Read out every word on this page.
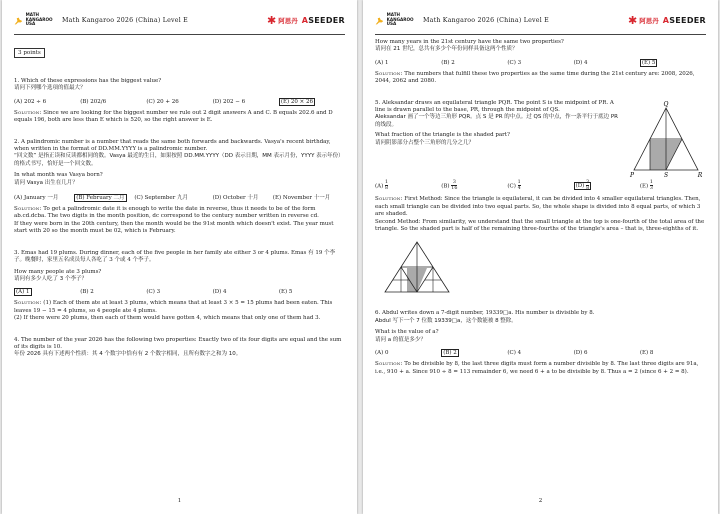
MATH KANGAROO USA
Math Kangaroo 2026 (China) Level E	✱ 阿思丹 ASEEDER
3 points

1. Which of these expressions has the biggest value?

请问下列哪个选项的值最大？

(A) 202 ÷ 6	(B) 202/6	(C) 20 + 26	(D) 202 − 6	(E) 20 × 26

Solution: Since we are looking for the biggest number we rule out 2 digit answers A and C. B equals 202.6 and D equals 196, both are less than E which is 520, so the right answer is E.

2. A palindromic number is a number that reads the same both forwards and backwards. Vasya's recent birthday, when written in the format of DD.MM.YYYY is a palindromic number.

“回文数” 是指正读和反读都相同的数。Vasya 最近的生日，如果按照 DD.MM.YYYY（DD 表示日期，MM 表示月份，YYYY 表示年份）的格式书写，恰好是一个回文数。

In what month was Vasya born?

请问 Vasya 出生在几月？

(A) January 一月	(B) February 二月	(C) September 九月	(D) October 十月	(E) November 十一月

Solution: To get a palindromic date it is enough to write the date in reverse, thus it needs to be of the form ab.cd.dcba. The two digits in the month position, dc correspond to the century number written in reverse cd.

If they were born in the 20th century, then the month would be the 91st month which doesn't exist. The year must start with 20 so the month must be 02, which is February.

3. Emas had 19 plums. During dinner, each of the five people in her family ate either 3 or 4 plums. Emas 有 19 个李子。晚餐时，家里五名成员每人各吃了 3 个或 4 个李子。

How many people ate 3 plums?

请问有多少人吃了 3 个李子？

(A) 1	(B) 2	(C) 3	(D) 4	(E) 5

Solution: (1) Each of them ate at least 3 plums, which means that at least 3 × 5 = 15 plums had been eaten. This leaves 19 − 15 = 4 plums, so 4 people ate 4 plums.

(2) If there were 20 plums, then each of them would have gotten 4, which means that only one of them had 3.

4. The number of the year 2026 has the following two properties: Exactly two of its four digits are equal and the sum of its digits is 10.

年份 2026 具有下述两个性质：其 4 个数字中恰有有 2 个数字相同，且所有数字之和为 10。

1
MATH KANGAROO USA
Math Kangaroo 2026 (China) Level E	✱ 阿思丹 ASEEDER

How many years in the 21st century have the same two properties?

请问在 21 世纪，总共有多少个年份同样具备这两个性质？

(A) 1	(B) 2	(C) 3	(D) 4	(E) 5

Solution: The numbers that fulfill these two properties as the same time during the 21st century are: 2008, 2026, 2044, 2062 and 2080.

5. Aleksandar draws an equilateral triangle PQR. The point S is the midpoint of PR. A line is drawn parallel to the base, PR, through the midpoint of QS.

Aleksandar 画了一个等边三角形 PQR。点 S 是 PR 的中点。过 QS 的中点，作一条平行于底边 PR 的线段。

What fraction of the triangle is the shaded part?

请问阴影部分占整个三角形的几分之几？

Q
P	S	R
$(A) \frac{1}{8}$	$(B) \frac{3}{16}$	$(C) \frac{1}{4}$	$(D) \frac{3}{8}$	$(E) \frac{1}{3}$

Solution: First Method: Since the triangle is equilateral, it can be divided into 4 smaller equilateral triangles. Then, each small triangle can be divided into two equal parts. So, the whole shape is divided into 8 equal parts, of which 3 are shaded.

Second Method: From similarity, we understand that the small triangle at the top is one-fourth of the total area of the triangle. So the shaded part is half of the remaining three-fourths of the triangle's area – that is, three-eighths of it.

6. Abdul writes down a 7-digit number, 19339□a. His number is divisible by 8.

Abdul 写下一个 7 位数 19339□a，这个数能被 8 整除。

What is the value of a?

请问 a 的值是多少？

(A) 0	(B) 2	(C) 4	(D) 6	(E) 8

Solution: To be divisible by 8, the last three digits must form a number divisible by 8. The last three digits are 91a, i.e., 910 + a. Since 910 ÷ 8 = 113 remainder 6, we need 6 + a to be divisible by 8. Thus a = 2 (since 6 + 2 = 8).

2
